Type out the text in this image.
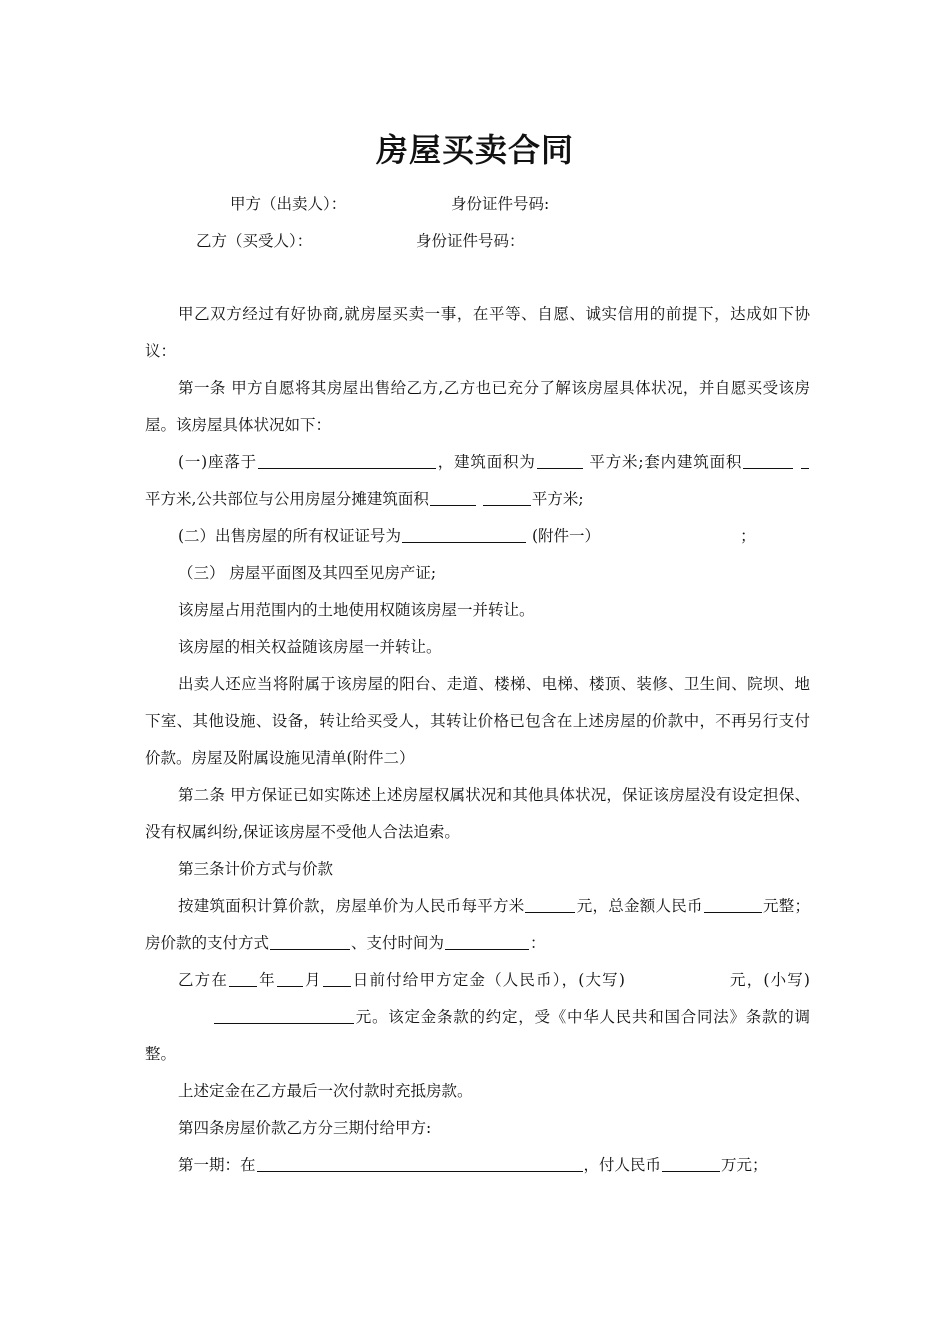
房屋买卖合同
甲方（出卖人）：	身份证件号码:
乙方（买受人）：	身份证件号码：

甲乙双方经过有好协商,就房屋买卖一事，在平等、自愿、诚实信用的前提下，达成如下协议：

第一条 甲方自愿将其房屋出售给乙方,乙方也已充分了解该房屋具体状况，并自愿买受该房屋。该房屋具体状况如下：

(一)座落于	，建筑面积为	平方米;套内建筑面积  平方米,公共部位与公用房屋分摊建筑面积	平方米;

(二）出售房屋的所有权证证号为	(附件一）	；

（三） 房屋平面图及其四至见房产证;

该房屋占用范围内的土地使用权随该房屋一并转让。

该房屋的相关权益随该房屋一并转让。

出卖人还应当将附属于该房屋的阳台、走道、楼梯、电梯、楼顶、装修、卫生间、院坝、地下室、其他设施、设备，转让给买受人，其转让价格已包含在上述房屋的价款中，不再另行支付价款。房屋及附属设施见清单(附件二）

第二条 甲方保证已如实陈述上述房屋权属状况和其他具体状况，保证该房屋没有设定担保、没有权属纠纷,保证该房屋不受他人合法追索。

第三条计价方式与价款

按建筑面积计算价款，房屋单价为人民币每平方米	元，总金额人民币	元整；房价款的支付方式	、支付时间为	：

乙方在 年 月 日前付给甲方定金（人民币），(大写)	元，(小写)元。该定金条款的约定，受《中华人民共和国合同法》条款的调整。

上述定金在乙方最后一次付款时充抵房款。

第四条房屋价款乙方分三期付给甲方:

第一期：在	，付人民币	万元；
